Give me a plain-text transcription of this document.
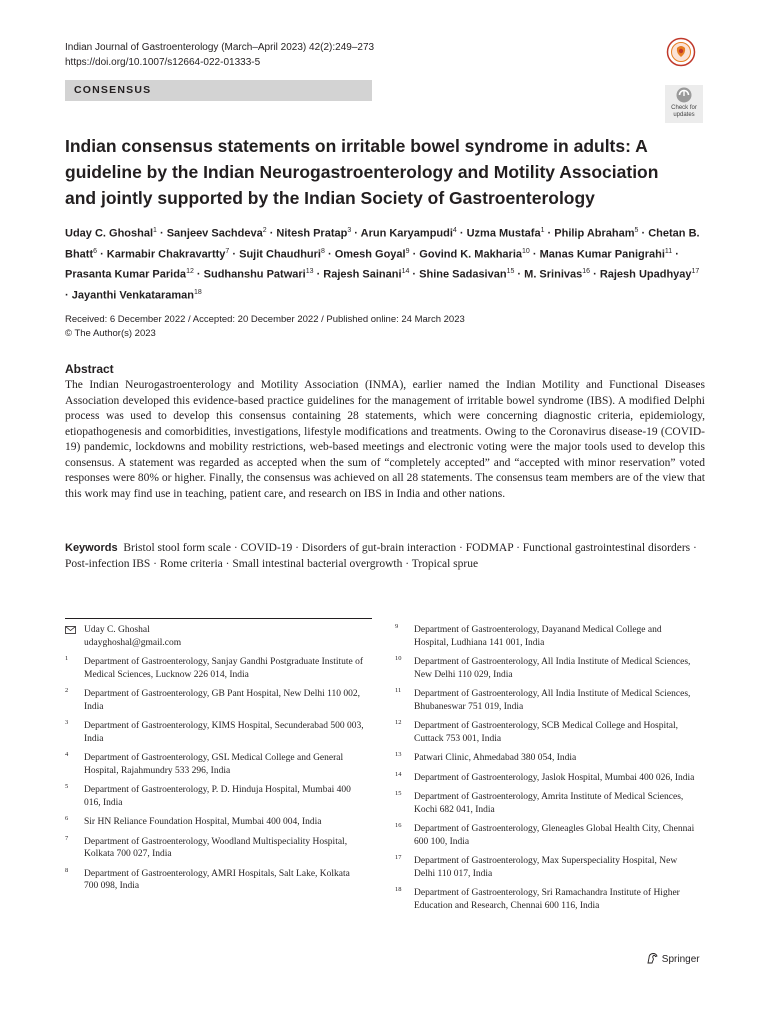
Indian Journal of Gastroenterology (March–April 2023) 42(2):249–273
https://doi.org/10.1007/s12664-022-01333-5
CONSENSUS
Check for updates
Indian consensus statements on irritable bowel syndrome in adults: A guideline by the Indian Neurogastroenterology and Motility Association and jointly supported by the Indian Society of Gastroenterology
Uday C. Ghoshal$^1$ · Sanjeev Sachdeva$^2$ · Nitesh Pratap$^3$ · Arun Karyampudi$^4$ · Uzma Mustafa$^1$ · Philip Abraham$^5$ · Chetan B. Bhatt$^6$ · Karmabir Chakravartty$^7$ · Sujit Chaudhuri$^8$ · Omesh Goyal$^9$ · Govind K. Makharia$^{10}$ · Manas Kumar Panigrahi$^{11}$ · Prasanta Kumar Parida$^{12}$ · Sudhanshu Patwari$^{13}$ · Rajesh Sainani$^{14}$ · Shine Sadasivan$^{15}$ · M. Srinivas$^{16}$ · Rajesh Upadhyay$^{17}$ · Jayanthi Venkataraman$^{18}$
Received: 6 December 2022 / Accepted: 20 December 2022 / Published online: 24 March 2023
© The Author(s) 2023
Abstract

The Indian Neurogastroenterology and Motility Association (INMA), earlier named the Indian Motility and Functional Diseases Association developed this evidence-based practice guidelines for the management of irritable bowel syndrome (IBS). A modified Delphi process was used to develop this consensus containing 28 statements, which were concerning diagnostic criteria, epidemiology, etiopathogenesis and comorbidities, investigations, lifestyle modifications and treatments. Owing to the Coronavirus disease-19 (COVID-19) pandemic, lockdowns and mobility restrictions, web-based meetings and electronic voting were the major tools used to develop this consensus. A statement was regarded as accepted when the sum of “completely accepted” and “accepted with minor reservation” voted responses were 80% or higher. Finally, the consensus was achieved on all 28 statements. The consensus team members are of the view that this work may find use in teaching, patient care, and research on IBS in India and other nations.

Keywords Bristol stool form scale · COVID-19 · Disorders of gut-brain interaction · FODMAP · Functional gastrointestinal disorders · Post-infection IBS · Rome criteria · Small intestinal bacterial overgrowth · Tropical sprue
Uday C. Ghoshal
udayghoshal@gmail.com
1 Department of Gastroenterology, Sanjay Gandhi Postgraduate Institute of Medical Sciences, Lucknow 226 014, India
2 Department of Gastroenterology, GB Pant Hospital, New Delhi 110 002, India
3 Department of Gastroenterology, KIMS Hospital, Secunderabad 500 003, India
4 Department of Gastroenterology, GSL Medical College and General Hospital, Rajahmundry 533 296, India
5 Department of Gastroenterology, P. D. Hinduja Hospital, Mumbai 400 016, India
6 Sir HN Reliance Foundation Hospital, Mumbai 400 004, India
7 Department of Gastroenterology, Woodland Multispeciality Hospital, Kolkata 700 027, India
8 Department of Gastroenterology, AMRI Hospitals, Salt Lake, Kolkata 700 098, India
9 Department of Gastroenterology, Dayanand Medical College and Hospital, Ludhiana 141 001, India
10 Department of Gastroenterology, All India Institute of Medical Sciences, New Delhi 110 029, India
11 Department of Gastroenterology, All India Institute of Medical Sciences, Bhubaneswar 751 019, India
12 Department of Gastroenterology, SCB Medical College and Hospital, Cuttack 753 001, India
13 Patwari Clinic, Ahmedabad 380 054, India
14 Department of Gastroenterology, Jaslok Hospital, Mumbai 400 026, India
15 Department of Gastroenterology, Amrita Institute of Medical Sciences, Kochi 682 041, India
16 Department of Gastroenterology, Gleneagles Global Health City, Chennai 600 100, India
17 Department of Gastroenterology, Max Superspeciality Hospital, New Delhi 110 017, India
18 Department of Gastroenterology, Sri Ramachandra Institute of Higher Education and Research, Chennai 600 116, India
Springer
